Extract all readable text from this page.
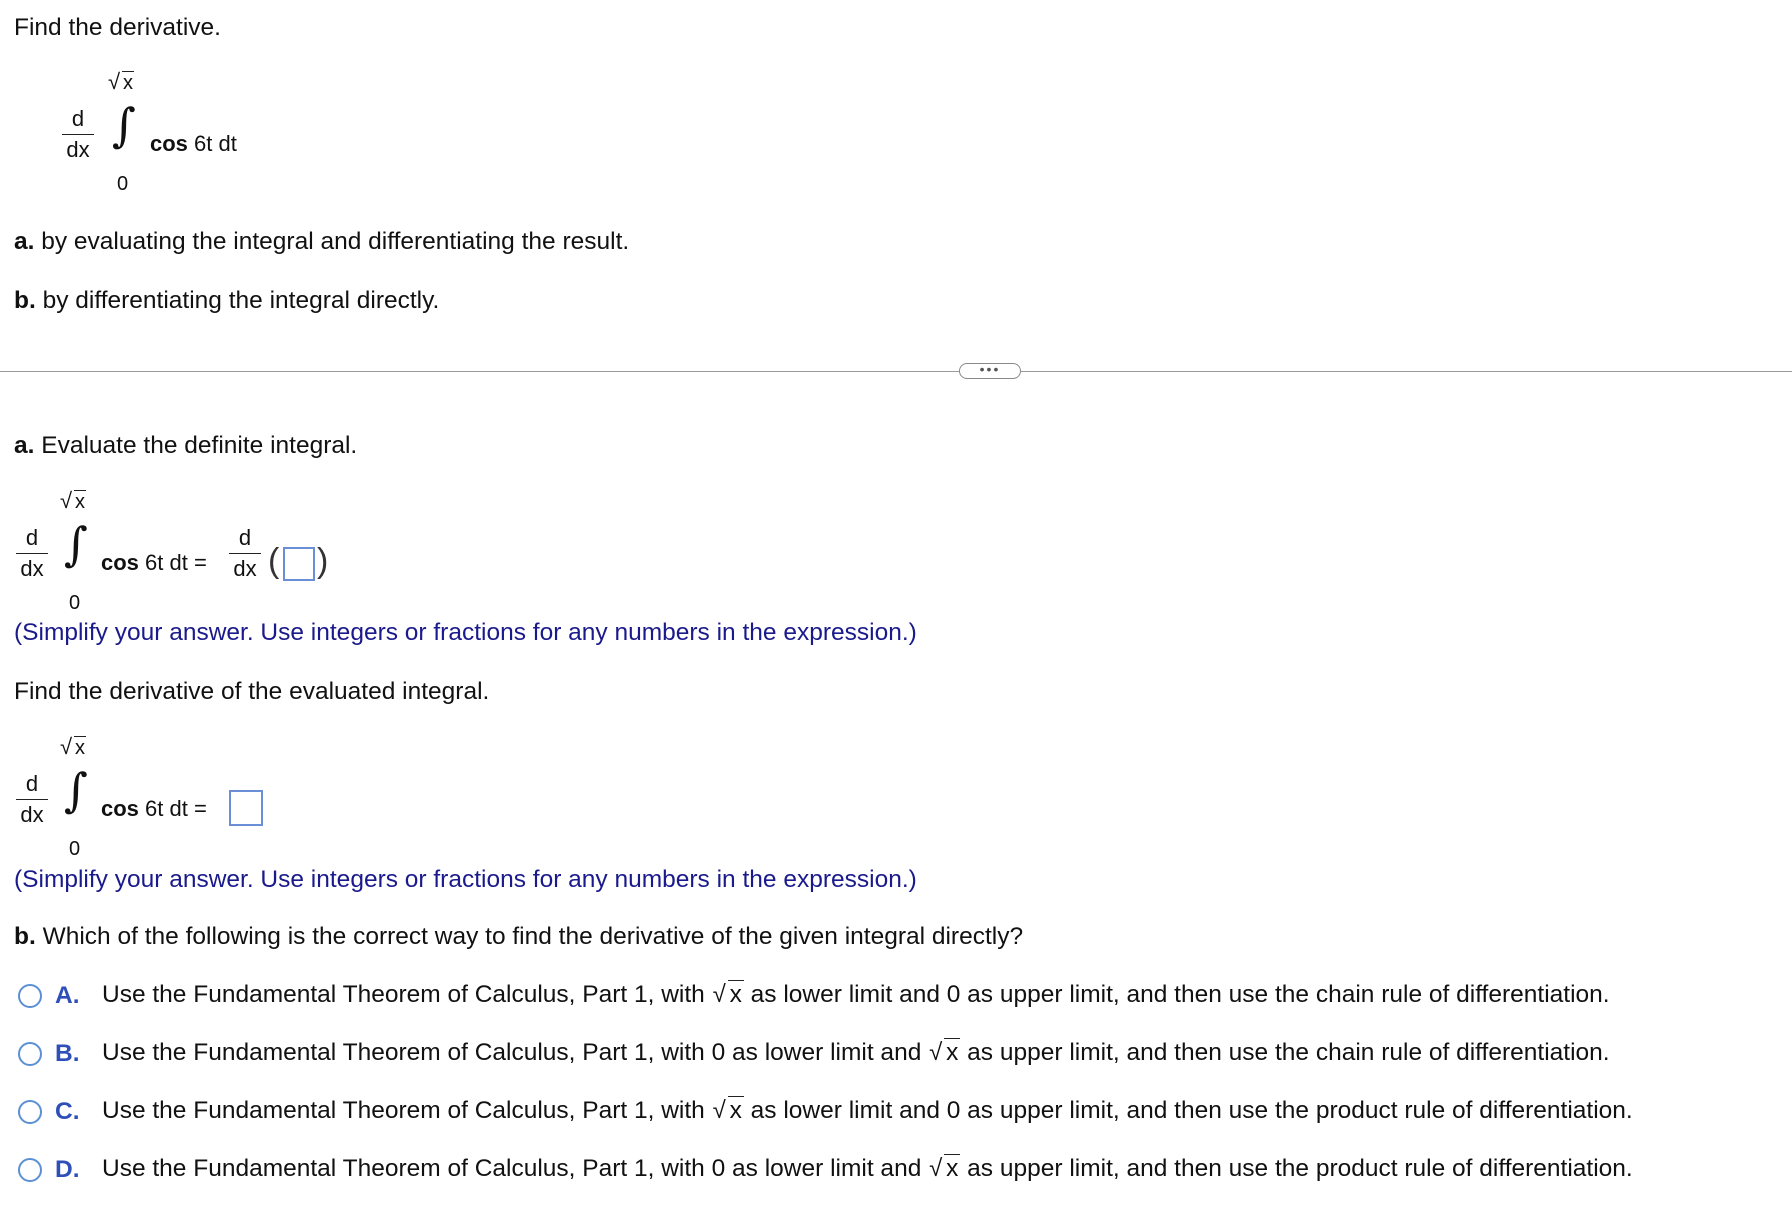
Find the derivative.
√ x
d
dx ∫
0
cos 6t dt
a. by evaluating the integral and differentiating the result.
b. by differentiating the integral directly.
•••
a. Evaluate the definite integral.
√ x
d
dx ∫
0
cos 6t dt =
d
dx ( )
(Simplify your answer. Use integers or fractions for any numbers in the expression.)
Find the derivative of the evaluated integral.
√ x
d
dx ∫
0
cos 6t dt =
(Simplify your answer. Use integers or fractions for any numbers in the expression.)
b. Which of the following is the correct way to find the derivative of the given integral directly?
A. Use the Fundamental Theorem of Calculus, Part 1, with √ x as lower limit and 0 as upper limit, and then use the chain rule of differentiation.
B. Use the Fundamental Theorem of Calculus, Part 1, with 0 as lower limit and √ x as upper limit, and then use the chain rule of differentiation.
C. Use the Fundamental Theorem of Calculus, Part 1, with √ x as lower limit and 0 as upper limit, and then use the product rule of differentiation.
D. Use the Fundamental Theorem of Calculus, Part 1, with 0 as lower limit and √ x as upper limit, and then use the product rule of differentiation.
